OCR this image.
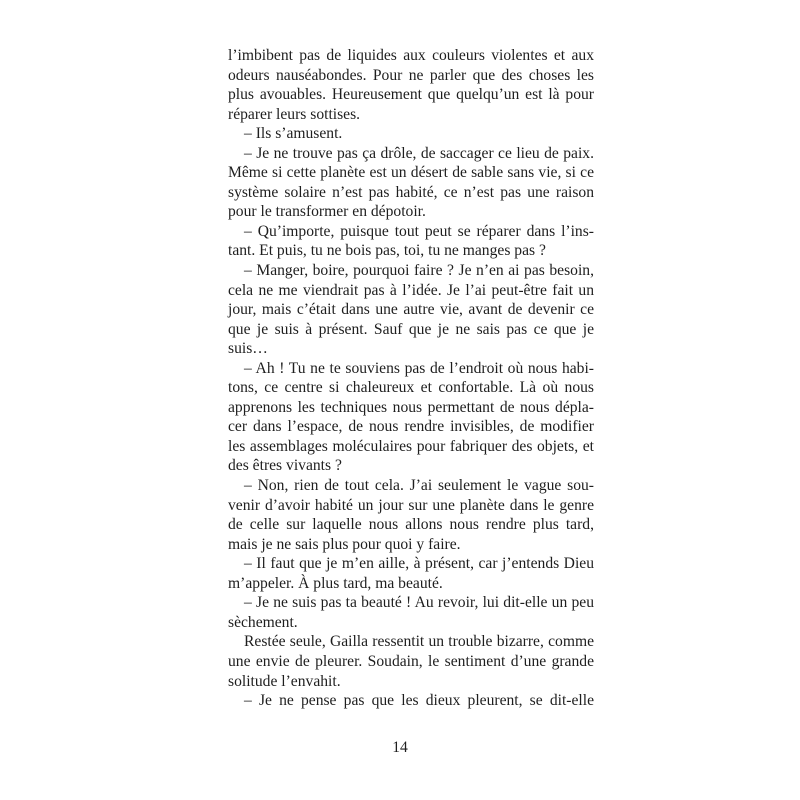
l’imbibent pas de liquides aux couleurs violentes et aux odeurs nauséabondes. Pour ne parler que des choses les plus avouables. Heureusement que quelqu’un est là pour réparer leurs sottises.

– Ils s’amusent.

– Je ne trouve pas ça drôle, de saccager ce lieu de paix. Même si cette planète est un désert de sable sans vie, si ce système solaire n’est pas habité, ce n’est pas une raison pour le transformer en dépotoir.

– Qu’importe, puisque tout peut se réparer dans l’ins-tant. Et puis, tu ne bois pas, toi, tu ne manges pas ?

– Manger, boire, pourquoi faire ? Je n’en ai pas besoin, cela ne me viendrait pas à l’idée. Je l’ai peut-être fait un jour, mais c’était dans une autre vie, avant de devenir ce que je suis à présent. Sauf que je ne sais pas ce que je suis…

– Ah ! Tu ne te souviens pas de l’endroit où nous habi-tons, ce centre si chaleureux et confortable. Là où nous apprenons les techniques nous permettant de nous dépla-cer dans l’espace, de nous rendre invisibles, de modifier les assemblages moléculaires pour fabriquer des objets, et des êtres vivants ?

– Non, rien de tout cela. J’ai seulement le vague sou-venir d’avoir habité un jour sur une planète dans le genre de celle sur laquelle nous allons nous rendre plus tard, mais je ne sais plus pour quoi y faire.

– Il faut que je m’en aille, à présent, car j’entends Dieu m’appeler. À plus tard, ma beauté.

– Je ne suis pas ta beauté ! Au revoir, lui dit-elle un peu sèchement.

Restée seule, Gailla ressentit un trouble bizarre, comme une envie de pleurer. Soudain, le sentiment d’une grande solitude l’envahit.

– Je ne pense pas que les dieux pleurent, se dit-elle

14
